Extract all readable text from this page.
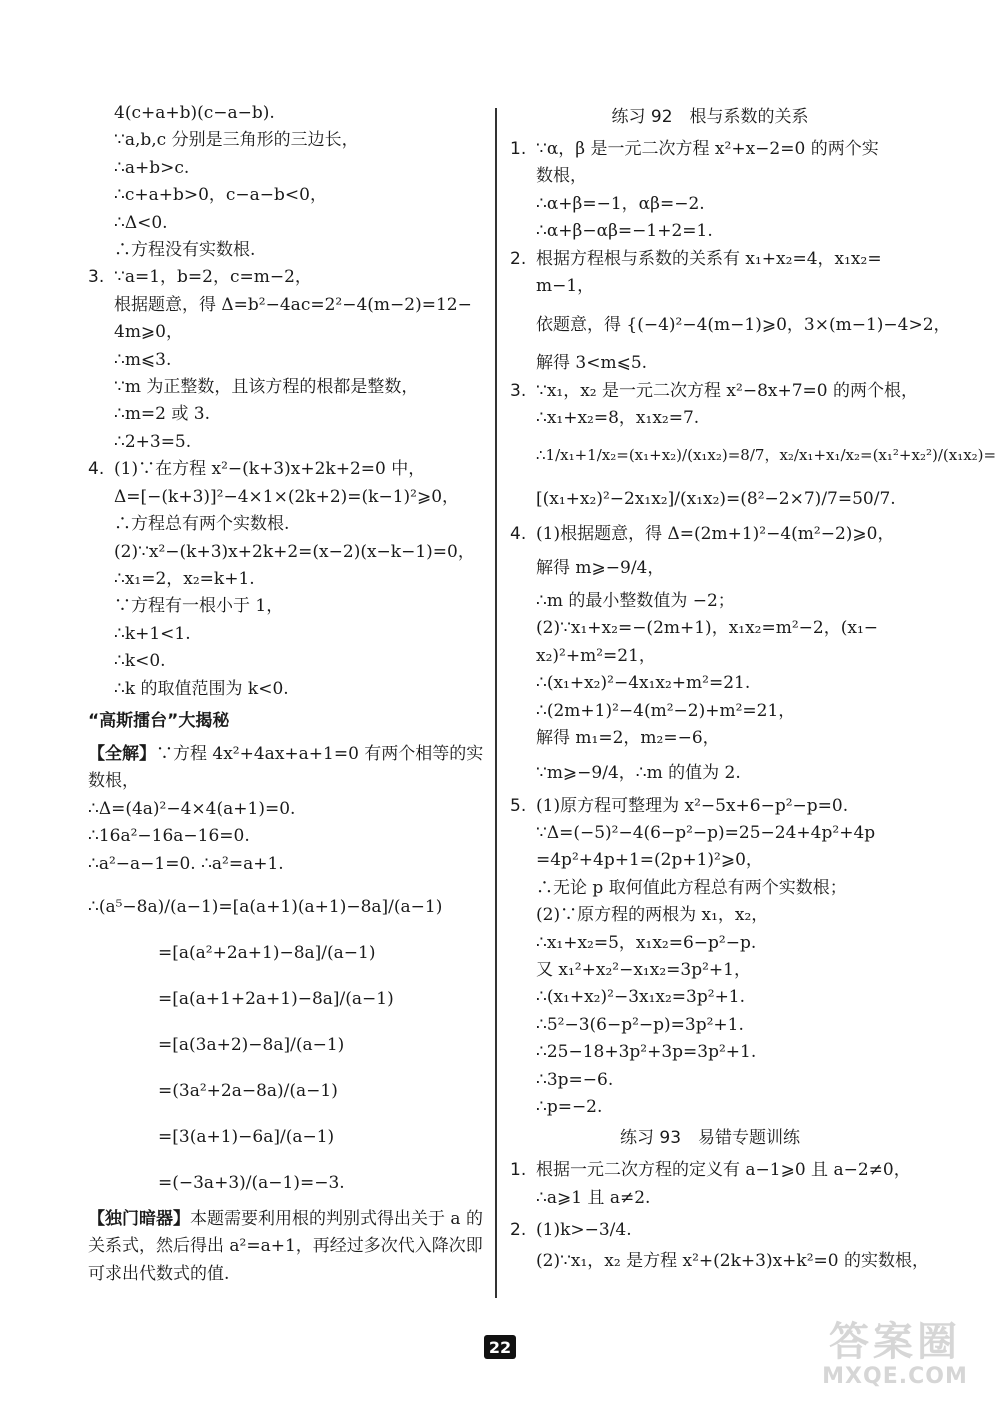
4(c+a+b)(c−a−b).
∵a,b,c 分别是三角形的三边长，
∴a+b>c.
∴c+a+b>0，c−a−b<0，
∴Δ<0.
∴方程没有实数根.
3. ∵a=1，b=2，c=m−2，
根据题意，得 Δ=b²−4ac=2²−4(m−2)=12−
4m⩾0，
∴m⩽3.
∵m 为正整数，且该方程的根都是整数，
∴m=2 或 3.
∴2+3=5.
4. (1)∵在方程 x²−(k+3)x+2k+2=0 中，
Δ=[−(k+3)]²−4×1×(2k+2)=(k−1)²⩾0，
∴方程总有两个实数根.
(2)∵x²−(k+3)x+2k+2=(x−2)(x−k−1)=0，
∴x₁=2，x₂=k+1.
∵方程有一根小于 1，
∴k+1<1.
∴k<0.
∴k 的取值范围为 k<0.
“高斯擂台”大揭秘
【全解】∵方程 4x²+4ax+a+1=0 有两个相等的实
数根，
∴Δ=(4a)²−4×4(a+1)=0.
∴16a²−16a−16=0.
∴a²−a−1=0. ∴a²=a+1.
∴(a⁵−8a)/(a−1)=[a(a+1)(a+1)−8a]/(a−1)
=[a(a²+2a+1)−8a]/(a−1)
=[a(a+1+2a+1)−8a]/(a−1)
=[a(3a+2)−8a]/(a−1)
=(3a²+2a−8a)/(a−1)
=[3(a+1)−6a]/(a−1)
=(−3a+3)/(a−1)=−3.
【独门暗器】本题需要利用根的判别式得出关于 a 的
关系式，然后得出 a²=a+1，再经过多次代入降次即
可求出代数式的值.
练习 92　根与系数的关系
1. ∵α，β 是一元二次方程 x²+x−2=0 的两个实
数根，
∴α+β=−1，αβ=−2.
∴α+β−αβ=−1+2=1.
2. 根据方程根与系数的关系有 x₁+x₂=4，x₁x₂=
m−1，
依题意，得 {(−4)²−4(m−1)⩾0，3×(m−1)−4>2，
解得 3<m⩽5.
3. ∵x₁，x₂ 是一元二次方程 x²−8x+7=0 的两个根，
∴x₁+x₂=8，x₁x₂=7.
∴1/x₁+1/x₂=(x₁+x₂)/(x₁x₂)=8/7，x₂/x₁+x₁/x₂=(x₁²+x₂²)/(x₁x₂)=
[(x₁+x₂)²−2x₁x₂]/(x₁x₂)=(8²−2×7)/7=50/7.
4. (1)根据题意，得 Δ=(2m+1)²−4(m²−2)⩾0，
解得 m⩾−9/4，
∴m 的最小整数值为 −2；
(2)∵x₁+x₂=−(2m+1)，x₁x₂=m²−2，(x₁−
x₂)²+m²=21，
∴(x₁+x₂)²−4x₁x₂+m²=21.
∴(2m+1)²−4(m²−2)+m²=21，
解得 m₁=2，m₂=−6，
∵m⩾−9/4，∴m 的值为 2.
5. (1)原方程可整理为 x²−5x+6−p²−p=0.
∵Δ=(−5)²−4(6−p²−p)=25−24+4p²+4p
=4p²+4p+1=(2p+1)²⩾0，
∴无论 p 取何值此方程总有两个实数根；
(2)∵原方程的两根为 x₁，x₂，
∴x₁+x₂=5，x₁x₂=6−p²−p.
又 x₁²+x₂²−x₁x₂=3p²+1，
∴(x₁+x₂)²−3x₁x₂=3p²+1.
∴5²−3(6−p²−p)=3p²+1.
∴25−18+3p²+3p=3p²+1.
∴3p=−6.
∴p=−2.
练习 93　易错专题训练
1. 根据一元二次方程的定义有 a−1⩾0 且 a−2≠0，
∴a⩾1 且 a≠2.
2. (1)k>−3/4.
(2)∵x₁，x₂ 是方程 x²+(2k+3)x+k²=0 的实数根，
22	答案圈
MXQE.COM
